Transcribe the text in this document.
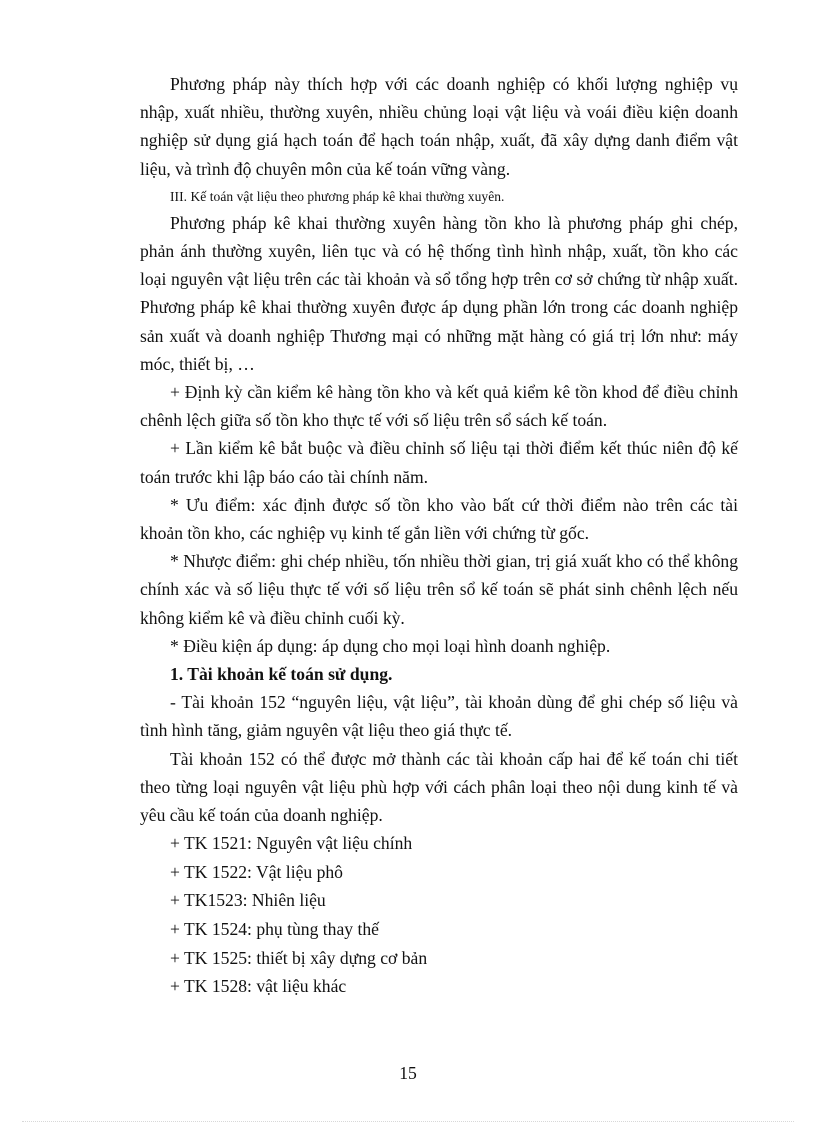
Phương pháp này thích hợp với các doanh nghiệp có khối lượng nghiệp vụ nhập, xuất nhiều, thường xuyên, nhiều chủng loại vật liệu và voái điều kiện doanh nghiệp sử dụng giá hạch toán để hạch toán nhập, xuất, đã xây dựng danh điểm vật liệu, và trình độ chuyên môn của kế toán vững vàng.

III. Kế toán vật liệu theo phương pháp kê khai thường xuyên.

Phương pháp kê khai thường xuyên hàng tồn kho là phương pháp ghi chép, phản ánh thường xuyên, liên tục và có hệ thống tình hình nhập, xuất, tồn kho các loại nguyên vật liệu trên các tài khoản và sổ tổng hợp trên cơ sở chứng từ nhập xuất. Phương pháp kê khai thường xuyên được áp dụng phần lớn trong các doanh nghiệp sản xuất và doanh nghiệp Thương mại có những mặt hàng có giá trị lớn như: máy móc, thiết bị, …

+ Định kỳ cần kiểm kê hàng tồn kho và kết quả kiểm kê tồn khod để điều chỉnh chênh lệch giữa số tồn kho thực tế với số liệu trên sổ sách kế toán.

+ Lần kiểm kê bắt buộc và điều chỉnh số liệu tại thời điểm kết thúc niên độ kế toán trước khi lập báo cáo tài chính năm.

* Ưu điểm: xác định được số tồn kho vào bất cứ thời điểm nào trên các tài khoản tồn kho, các nghiệp vụ kinh tế gắn liền với chứng từ gốc.

* Nhược điểm: ghi chép nhiều, tốn nhiều thời gian, trị giá xuất kho có thể không chính xác và số liệu thực tế với số liệu trên sổ kế toán sẽ phát sinh chênh lệch nếu không kiểm kê và điều chỉnh cuối kỳ.

* Điều kiện áp dụng: áp dụng cho mọi loại hình doanh nghiệp.

1. Tài khoản kế toán sử dụng.

- Tài khoản 152 “nguyên liệu, vật liệu”, tài khoản dùng để ghi chép số liệu và tình hình tăng, giảm nguyên vật liệu theo giá thực tế.

Tài khoản 152 có thể được mở thành các tài khoản cấp hai để kế toán chi tiết theo từng loại nguyên vật liệu phù hợp với cách phân loại theo nội dung kinh tế và yêu cầu kế toán của doanh nghiệp.

+ TK 1521: Nguyên vật liệu chính

+ TK 1522: Vật liệu phô

+ TK1523: Nhiên liệu

+ TK 1524: phụ tùng thay thế

+ TK 1525: thiết bị xây dựng cơ bản

+ TK 1528: vật liệu khác

15
